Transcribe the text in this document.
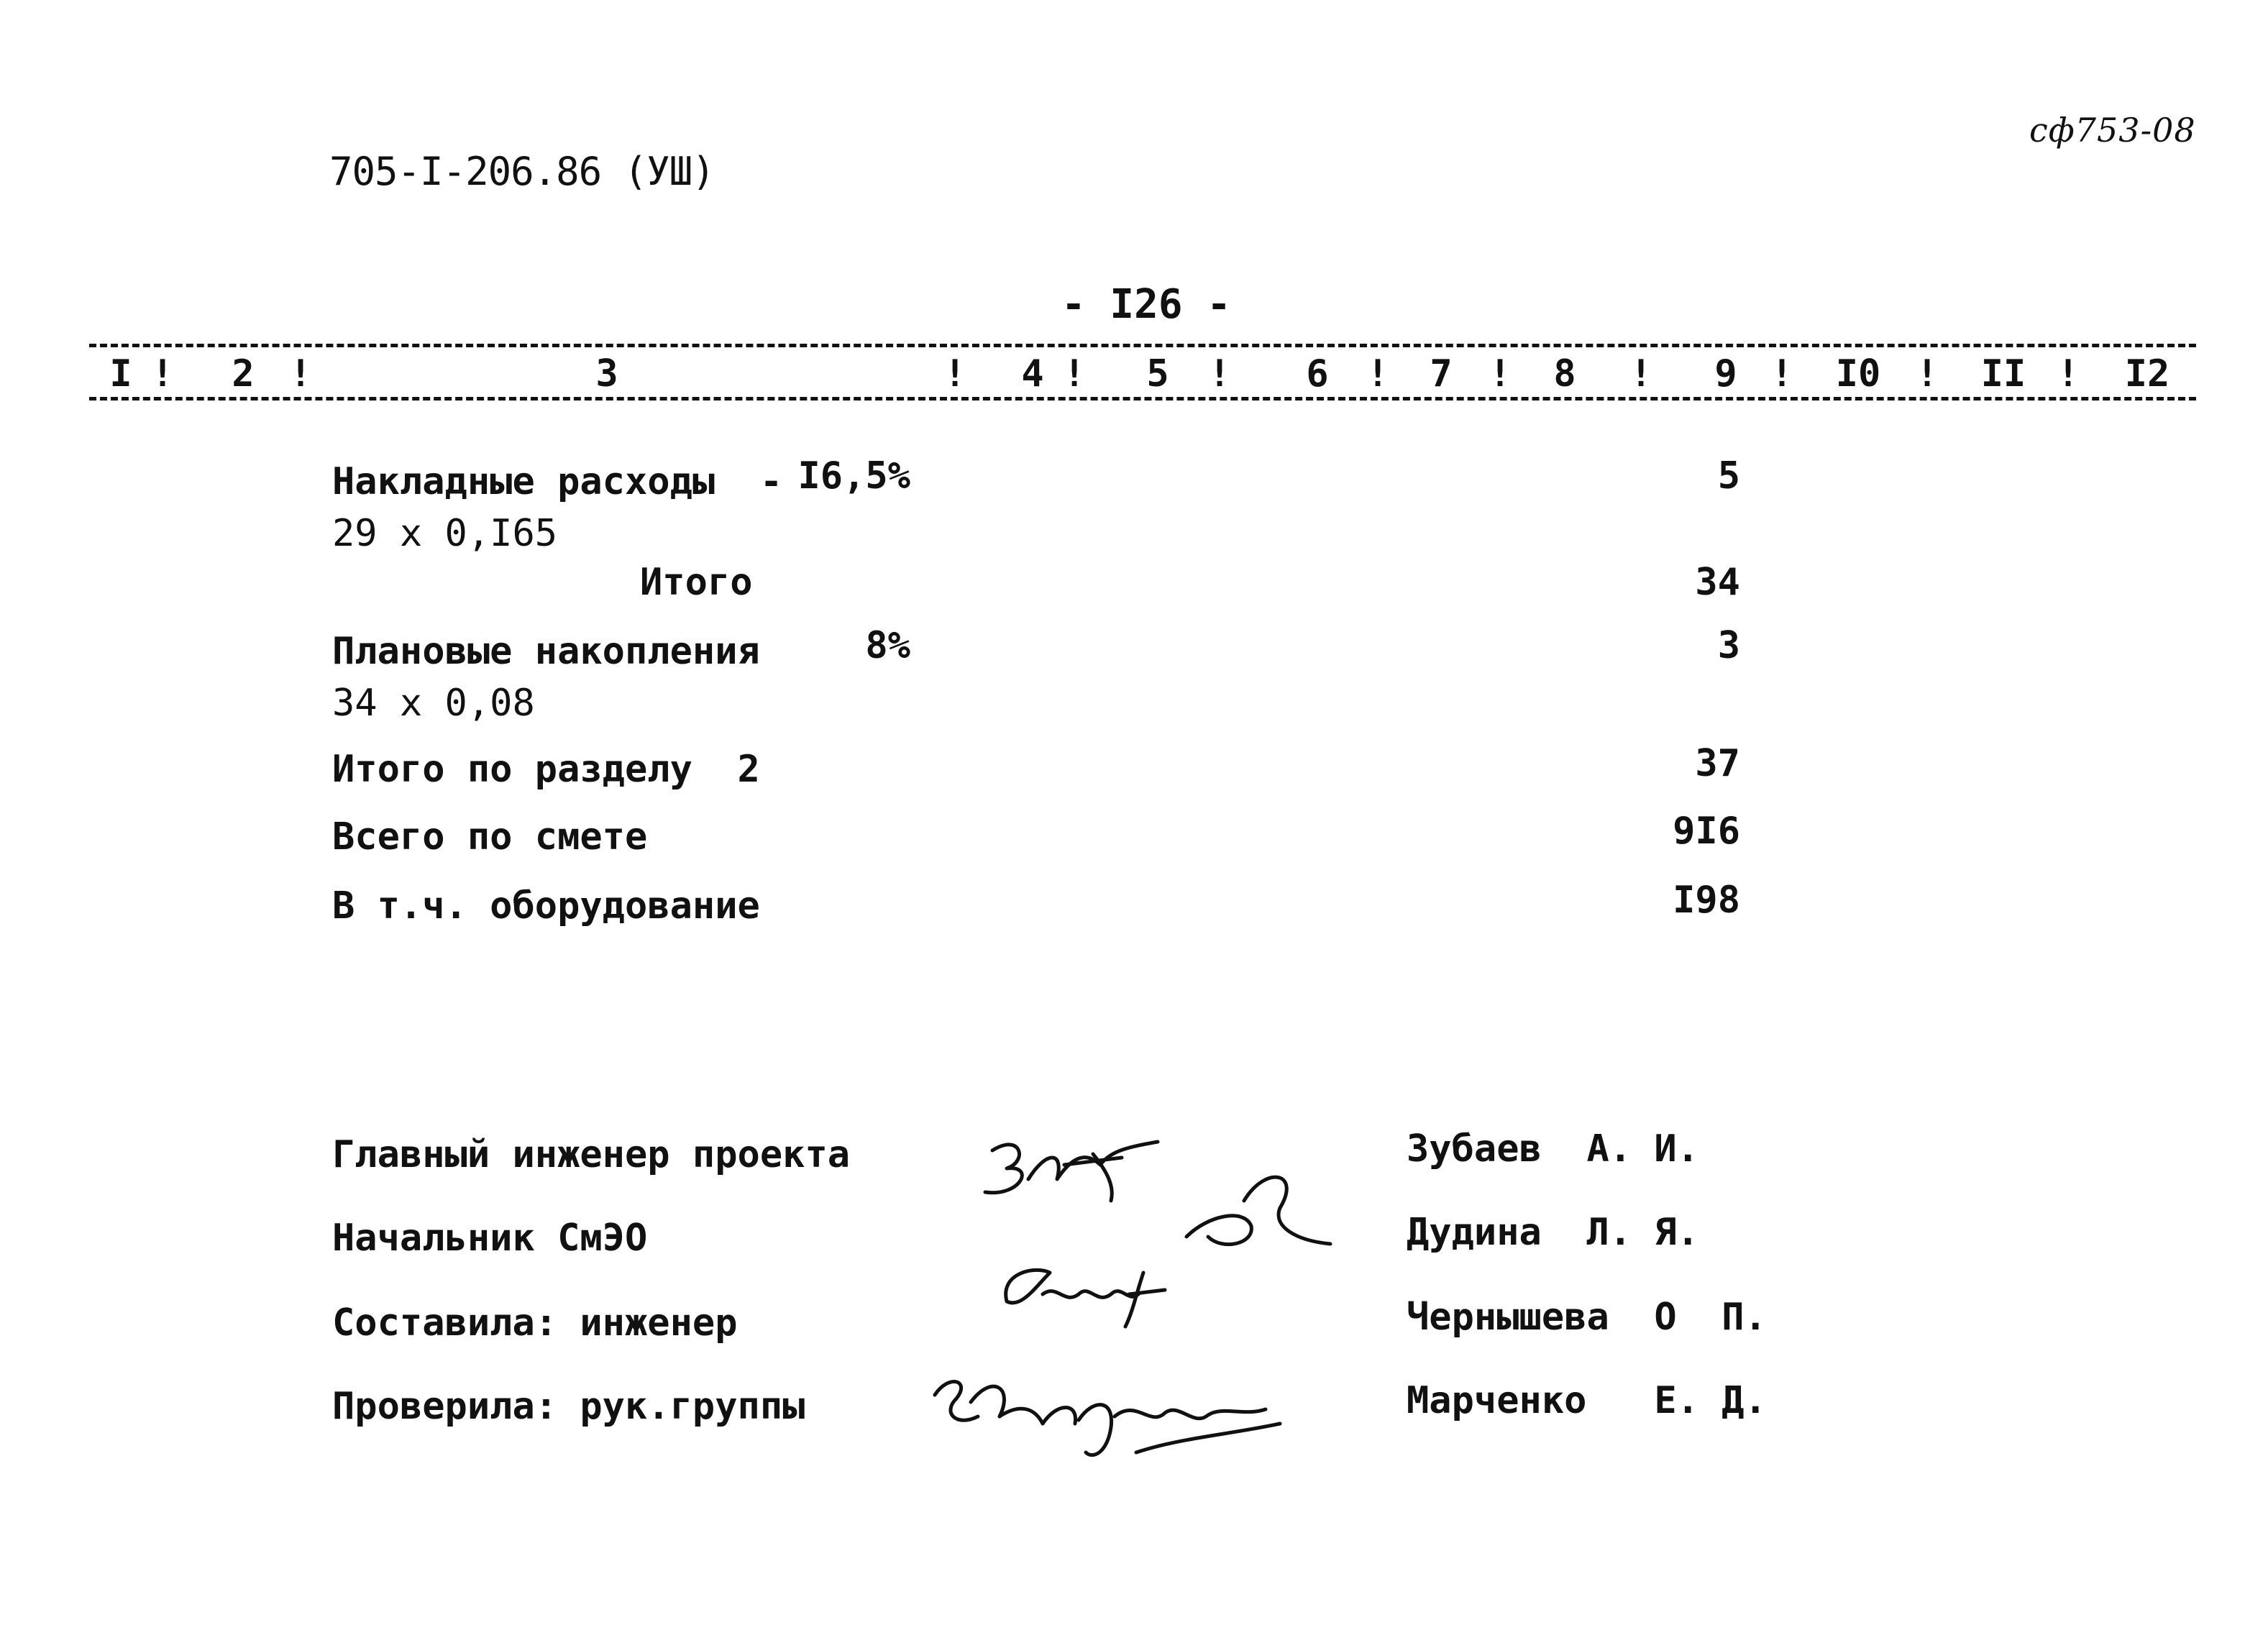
сф753-08
705-I-206.86 (УШ)
- I26 -
I ! 2 !	3	! 4 ! 5 ! 6 ! 7 ! 8 ! 9 ! I0 ! II ! I2
Накладные расходы  - I6,5%	5
29 x 0,I65
Итого	34
Плановые накопления	8%	3
34 x 0,08
Итого по разделу  2	37
Всего по смете	9I6
В т.ч. оборудование	I98
Главный инженер проекта	Зубаев  А. И.
Начальник СмЭО	Дудина  Л. Я.
Составила: инженер	Чернышева  О  П.
Проверила: рук.группы	Марченко   Е. Д.
